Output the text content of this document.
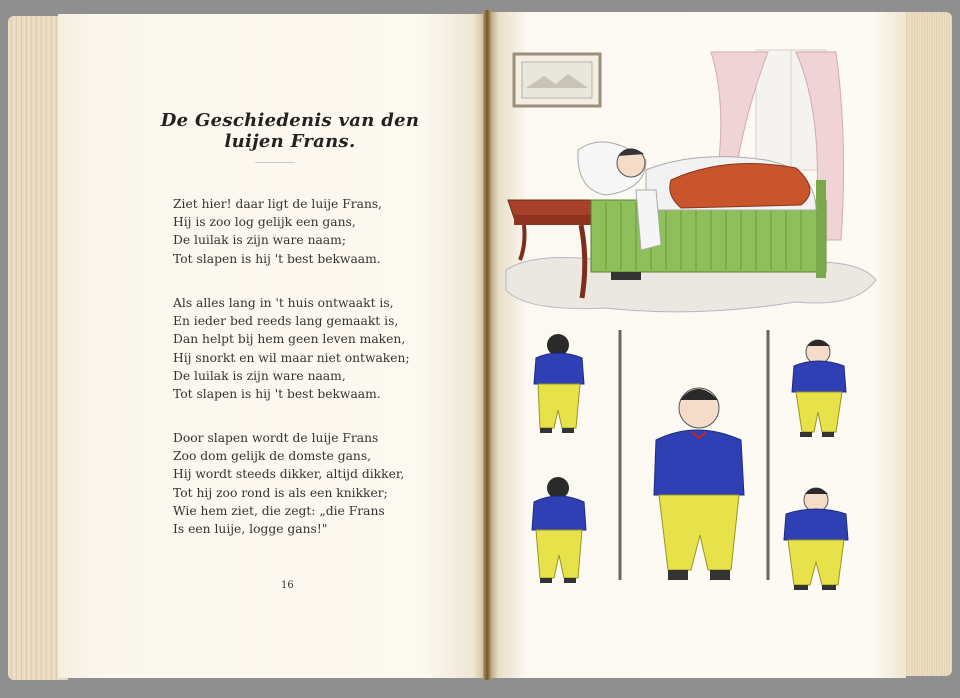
De Geschiedenis van den luijen Frans.
Ziet hier! daar ligt de luije Frans,
Hij is zoo log gelijk een gans,
De luilak is zijn ware naam;
Tot slapen is hij 't best bekwaam.
Als alles lang in 't huis ontwaakt is,
En ieder bed reeds lang gemaakt is,
Dan helpt bij hem geen leven maken,
Hij snorkt en wil maar niet ontwaken;
De luilak is zijn ware naam,
Tot slapen is hij 't best bekwaam.
Door slapen wordt de luije Frans
Zoo dom gelijk de domste gans,
Hij wordt steeds dikker, altijd dikker,
Tot hij zoo rond is als een knikker;
Wie hem ziet, die zegt: „die Frans
Is een luije, logge gans!"
16
